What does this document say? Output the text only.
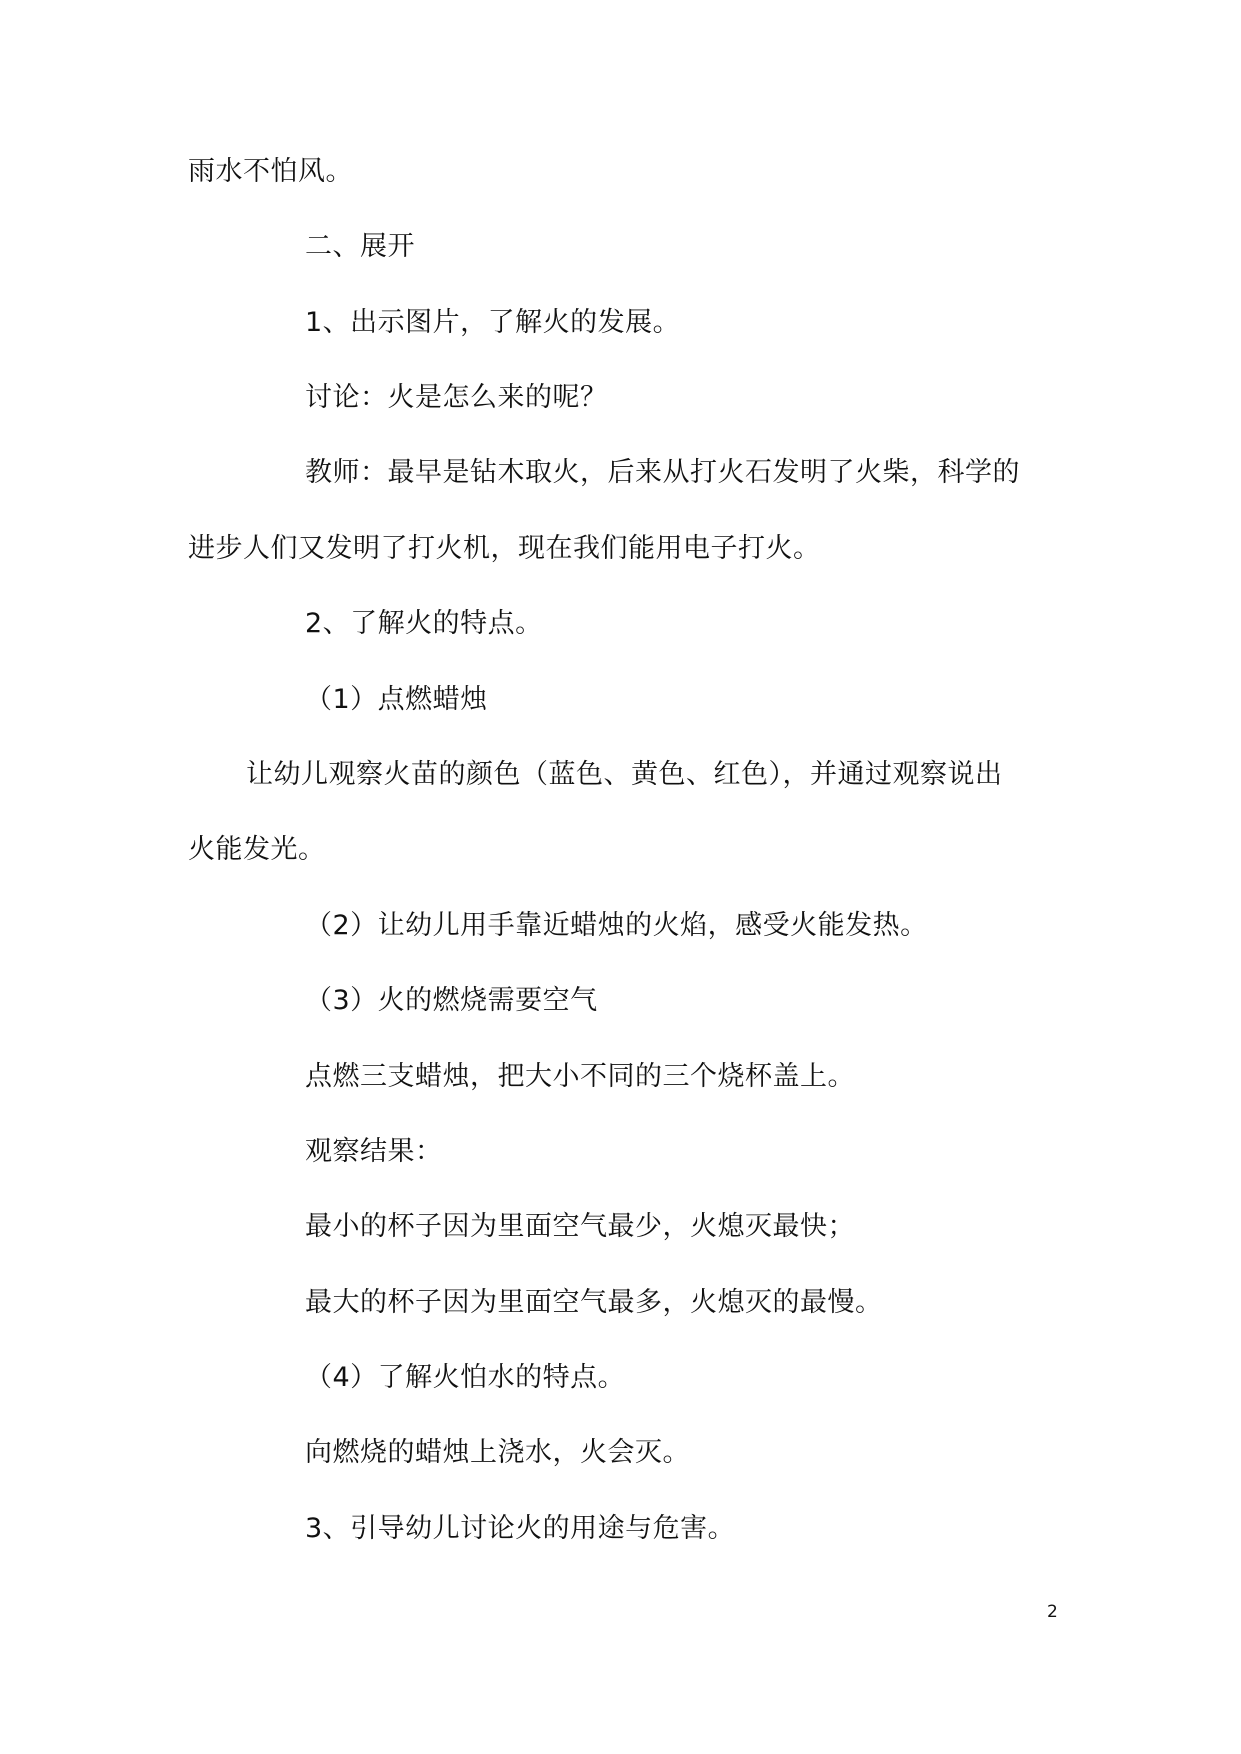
雨水不怕风。
二、展开
1、出示图片，了解火的发展。
讨论：火是怎么来的呢？
教师：最早是钻木取火，后来从打火石发明了火柴，科学的
进步人们又发明了打火机，现在我们能用电子打火。
2、了解火的特点。
（1）点燃蜡烛
让幼儿观察火苗的颜色（蓝色、黄色、红色），并通过观察说出
火能发光。
（2）让幼儿用手靠近蜡烛的火焰，感受火能发热。
（3）火的燃烧需要空气
点燃三支蜡烛，把大小不同的三个烧杯盖上。
观察结果：
最小的杯子因为里面空气最少，火熄灭最快；
最大的杯子因为里面空气最多，火熄灭的最慢。
（4）了解火怕水的特点。
向燃烧的蜡烛上浇水，火会灭。
3、引导幼儿讨论火的用途与危害。
2
